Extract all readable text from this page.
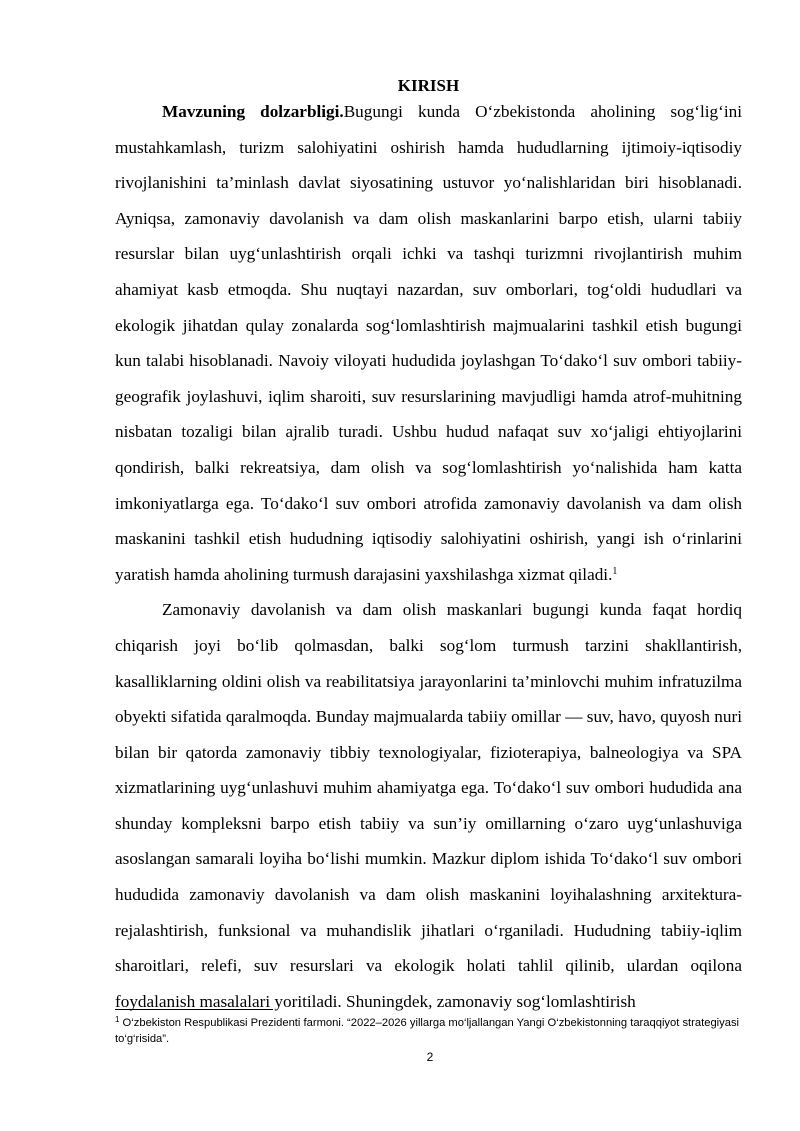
KIRISH

Mavzuning dolzarbligi.Bugungi kunda O‘zbekistonda aholining sog‘lig‘ini mustahkamlash, turizm salohiyatini oshirish hamda hududlarning ijtimoiy-iqtisodiy rivojlanishini ta’minlash davlat siyosatining ustuvor yo‘nalishlaridan biri hisoblanadi. Ayniqsa, zamonaviy davolanish va dam olish maskanlarini barpo etish, ularni tabiiy resurslar bilan uyg‘unlashtirish orqali ichki va tashqi turizmni rivojlantirish muhim ahamiyat kasb etmoqda. Shu nuqtayi nazardan, suv omborlari, tog‘oldi hududlari va ekologik jihatdan qulay zonalarda sog‘lomlashtirish majmualarini tashkil etish bugungi kun talabi hisoblanadi. Navoiy viloyati hududida joylashgan To‘dako‘l suv ombori tabiiy-geografik joylashuvi, iqlim sharoiti, suv resurslarining mavjudligi hamda atrof-muhitning nisbatan tozaligi bilan ajralib turadi. Ushbu hudud nafaqat suv xo‘jaligi ehtiyojlarini qondirish, balki rekreatsiya, dam olish va sog‘lomlashtirish yo‘nalishida ham katta imkoniyatlarga ega. To‘dako‘l suv ombori atrofida zamonaviy davolanish va dam olish maskanini tashkil etish hududning iqtisodiy salohiyatini oshirish, yangi ish o‘rinlarini yaratish hamda aholining turmush darajasini yaxshilashga xizmat qiladi.$^1$

Zamonaviy davolanish va dam olish maskanlari bugungi kunda faqat hordiq chiqarish joyi bo‘lib qolmasdan, balki sog‘lom turmush tarzini shakllantirish, kasalliklarning oldini olish va reabilitatsiya jarayonlarini ta’minlovchi muhim infratuzilma obyekti sifatida qaralmoqda. Bunday majmualarda tabiiy omillar — suv, havo, quyosh nuri bilan bir qatorda zamonaviy tibbiy texnologiyalar, fizioterapiya, balneologiya va SPA xizmatlarining uyg‘unlashuvi muhim ahamiyatga ega. To‘dako‘l suv ombori hududida ana shunday kompleksni barpo etish tabiiy va sun’iy omillarning o‘zaro uyg‘unlashuviga asoslangan samarali loyiha bo‘lishi mumkin. Mazkur diplom ishida To‘dako‘l suv ombori hududida zamonaviy davolanish va dam olish maskanini loyihalashning arxitektura-rejalashtirish, funksional va muhandislik jihatlari o‘rganiladi. Hududning tabiiy-iqlim sharoitlari, relefi, suv resurslari va ekologik holati tahlil qilinib, ulardan oqilona foydalanish masalalari yoritiladi. Shuningdek, zamonaviy sog‘lomlashtirish

$^1$ O‘zbekiston Respublikasi Prezidenti farmoni. “2022–2026 yillarga mo‘ljallangan Yangi O‘zbekistonning taraqqiyot strategiyasi to‘g‘risida”.
2
